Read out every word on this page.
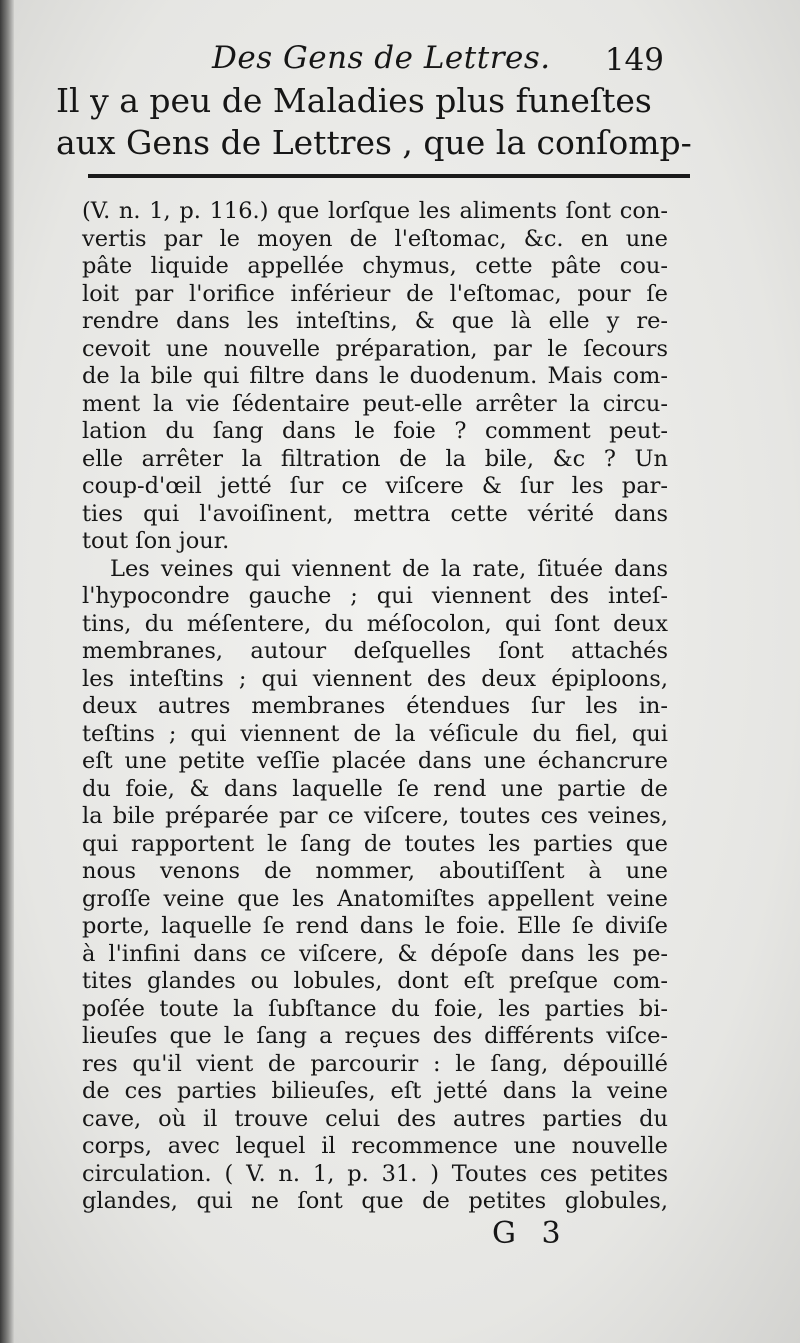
Des Gens de Lettres. 149
Il y a peu de Maladies plus funeſtes
aux Gens de Lettres , que la conſomp-
(V. n. 1, p. 116.) que lorſque les aliments ſont con-
vertis par le moyen de l'eſtomac, &c. en une
pâte liquide appellée chymus, cette pâte cou-
loit par l'orifice inférieur de l'eſtomac, pour ſe
rendre dans les inteſtins, & que là elle y re-
cevoit une nouvelle préparation, par le ſecours
de la bile qui filtre dans le duodenum. Mais com-
ment la vie ſédentaire peut-elle arrêter la circu-
lation du ſang dans le foie ? comment peut-
elle arrêter la filtration de la bile, &c ? Un
coup-d'œil jetté ſur ce viſcere & ſur les par-
ties qui l'avoiſinent, mettra cette vérité dans
tout ſon jour.
Les veines qui viennent de la rate, ſituée dans
l'hypocondre gauche ; qui viennent des inteſ-
tins, du méſentere, du méſocolon, qui ſont deux
membranes, autour deſquelles ſont attachés
les inteſtins ; qui viennent des deux épiploons,
deux autres membranes étendues ſur les in-
teſtins ; qui viennent de la véſicule du fiel, qui
eſt une petite veſſie placée dans une échancrure
du foie, & dans laquelle ſe rend une partie de
la bile préparée par ce viſcere, toutes ces veines,
qui rapportent le ſang de toutes les parties que
nous venons de nommer, aboutiſſent à une
groſſe veine que les Anatomiſtes appellent veine
porte, laquelle ſe rend dans le foie. Elle ſe diviſe
à l'infini dans ce viſcere, & dépoſe dans les pe-
tites glandes ou lobules, dont eſt preſque com-
poſée toute la ſubſtance du foie, les parties bi-
lieuſes que le ſang a reçues des différents viſce-
res qu'il vient de parcourir : le ſang, dépouillé
de ces parties bilieuſes, eſt jetté dans la veine
cave, où il trouve celui des autres parties du
corps, avec lequel il recommence une nouvelle
circulation. ( V. n. 1, p. 31. ) Toutes ces petites
glandes, qui ne ſont que de petites globules,
G 3
